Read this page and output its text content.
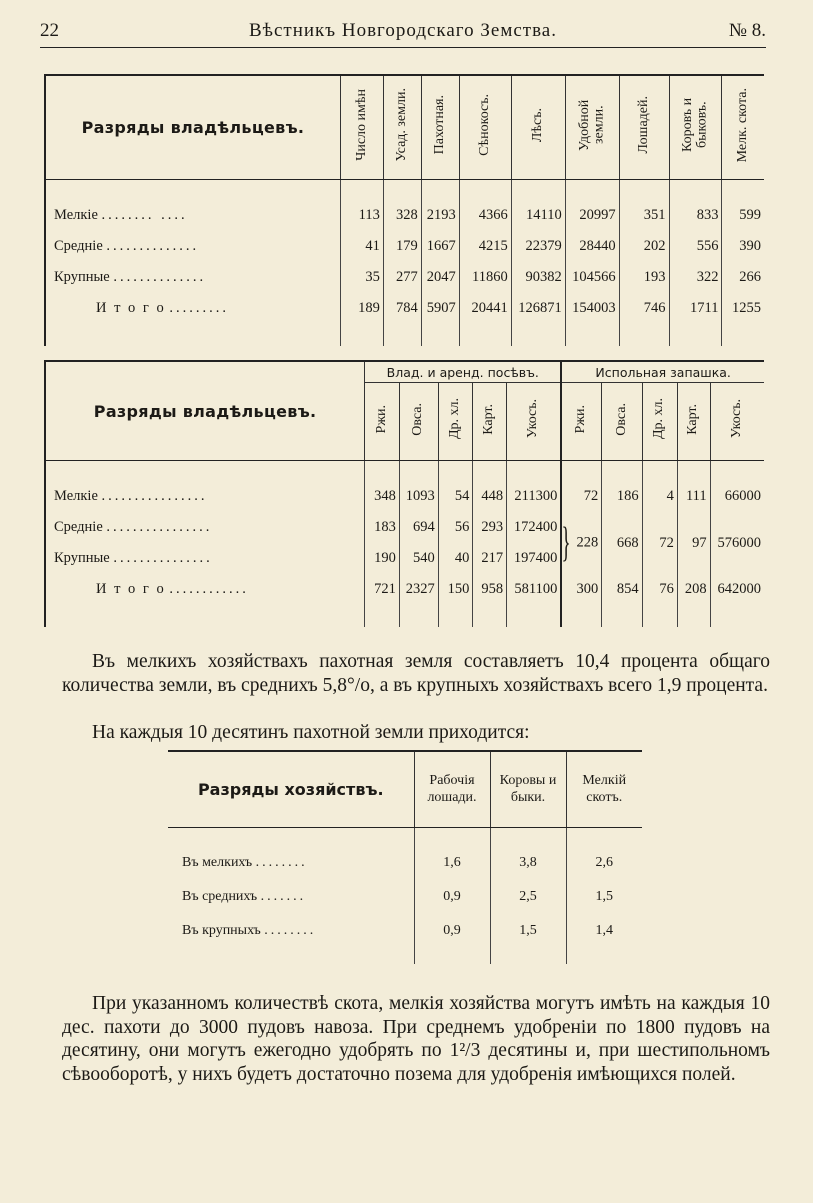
22	Вѣстникъ Новгородскаго Земства.	№ 8.
Разряды владѣльцевъ.	Число имѣн	Усад. земли.	Пахотная.	Сѣнокосъ.	Лѣсъ.	Удобной земли.	Лошадей.	Коровъ и быковъ.	Мелк. скота.

Мелкіе ........ ....	113	328	2193	4366	14110	20997	351	833	599
Средніе ..............	41	179	1667	4215	22379	28440	202	556	390
Крупные ..............	35	277	2047	11860	90382	104566	193	322	266
И т о г о .........	189	784	5907	20441	126871	154003	746	1711	1255

Разряды владѣльцевъ.	Влад. и аренд. посѣвъ.					Испольная запашка.				
	Ржи.	Овса.	Др. хл.	Карт.	Укосъ.	Ржи.	Овса.	Др. хл.	Карт.	Укосъ.

Мелкіе ................	348	1093	54	448	211300	72	186	4	111	66000
Средніе ................	183	694	56	293	172400	} 228	668	72	97	576000
Крупные ...............	190	540	40	217	197400					
И т о г о ............	721	2327	150	958	581100	300	854	76	208	642000

Въ мелкихъ хозяйствахъ пахотная земля составляетъ 10,4 процента общаго количества земли, въ среднихъ 5,8°/о, а въ крупныхъ хозяйствахъ всего 1,9 процента.
На каждыя 10 десятинъ пахотной земли приходится:
Разряды хозяйствъ.	Рабочія лошади.	Коровы и быки.	Мелкій скотъ.

Въ мелкихъ ........	1,6	3,8	2,6
Въ среднихъ .......	0,9	2,5	1,5
Въ крупныхъ ........	0,9	1,5	1,4

При указанномъ количествѣ скота, мелкія хозяйства могутъ имѣть на каждыя 10 дес. пахоти до 3000 пудовъ навоза. При среднемъ удобреніи по 1800 пудовъ на десятину, они могутъ ежегодно удобрять по 1²/3 десятины и, при шестипольномъ сѣвооборотѣ, у нихъ будетъ достаточно позема для удобренія имѣющихся полей.
